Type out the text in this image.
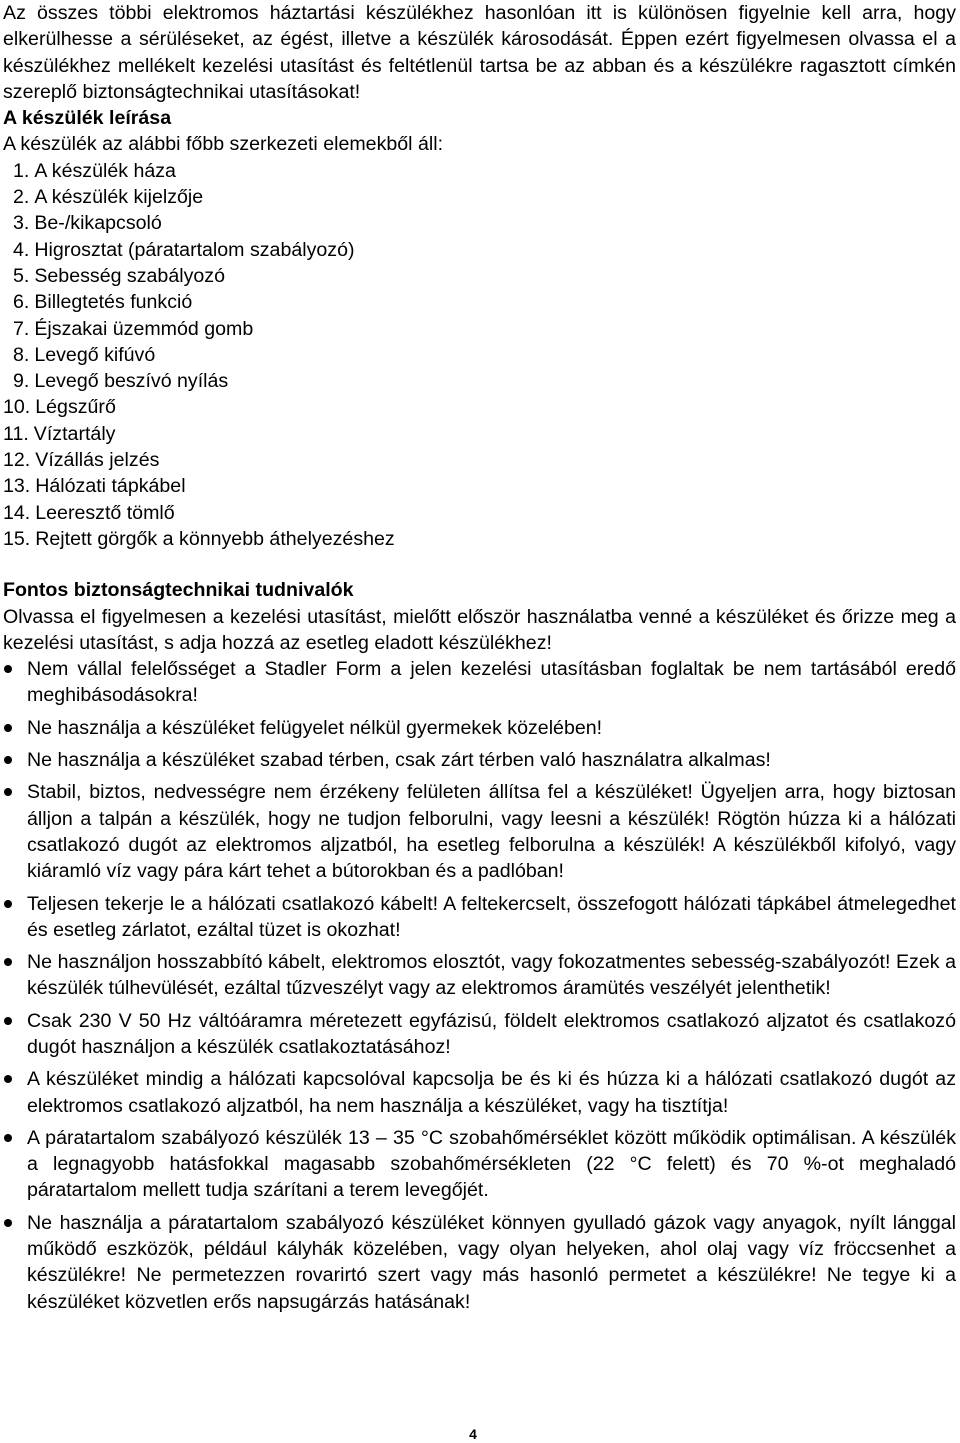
Az összes többi elektromos háztartási készülékhez hasonlóan itt is különösen figyelnie kell arra, hogy elkerülhesse a sérüléseket, az égést, illetve a készülék károsodását. Éppen ezért figyelmesen olvassa el a készülékhez mellékelt kezelési utasítást és feltétlenül tartsa be az abban és a készülékre ragasztott címkén szereplő biztonságtechnikai utasításokat!

A készülék leírása

A készülék az alábbi főbb szerkezeti elemekből áll:

1. A készülék háza
2. A készülék kijelzője
3. Be-/kikapcsoló
4. Higrosztat (páratartalom szabályozó)
5. Sebesség szabályozó
6. Billegtetés funkció
7. Éjszakai üzemmód gomb
8. Levegő kifúvó
9. Levegő beszívó nyílás
10. Légszűrő
11. Víztartály
12. Vízállás jelzés
13. Hálózati tápkábel
14. Leeresztő tömlő
15. Rejtett görgők a könnyebb áthelyezéshez

Fontos biztonságtechnikai tudnivalók

Olvassa el figyelmesen a kezelési utasítást, mielőtt először használatba venné a készüléket és őrizze meg a kezelési utasítást, s adja hozzá az esetleg eladott készülékhez!

Nem vállal felelősséget a Stadler Form a jelen kezelési utasításban foglaltak be nem tartásából eredő meghibásodásokra!
Ne használja a készüléket felügyelet nélkül gyermekek közelében!
Ne használja a készüléket szabad térben, csak zárt térben való használatra alkalmas!
Stabil, biztos, nedvességre nem érzékeny felületen állítsa fel a készüléket! Ügyeljen arra, hogy biztosan álljon a talpán a készülék, hogy ne tudjon felborulni, vagy leesni a készülék! Rögtön húzza ki a hálózati csatlakozó dugót az elektromos aljzatból, ha esetleg felborulna a készülék! A készülékből kifolyó, vagy kiáramló víz vagy pára kárt tehet a bútorokban és a padlóban!
Teljesen tekerje le a hálózati csatlakozó kábelt! A feltekercselt, összefogott hálózati tápkábel átmelegedhet és esetleg zárlatot, ezáltal tüzet is okozhat!
Ne használjon hosszabbító kábelt, elektromos elosztót, vagy fokozatmentes sebesség-szabályozót! Ezek a készülék túlhevülését, ezáltal tűzveszélyt vagy az elektromos áramütés veszélyét jelenthetik!
Csak 230 V 50 Hz váltóáramra méretezett egyfázisú, földelt elektromos csatlakozó aljzatot és csatlakozó dugót használjon a készülék csatlakoztatásához!
A készüléket mindig a hálózati kapcsolóval kapcsolja be és ki és húzza ki a hálózati csatlakozó dugót az elektromos csatlakozó aljzatból, ha nem használja a készüléket, vagy ha tisztítja!
A páratartalom szabályozó készülék 13 – 35 °C szobahőmérséklet között működik optimálisan. A készülék a legnagyobb hatásfokkal magasabb szobahőmérsékleten (22 °C felett) és 70 %-ot meghaladó páratartalom mellett tudja szárítani a terem levegőjét.
Ne használja a páratartalom szabályozó készüléket könnyen gyulladó gázok vagy anyagok, nyílt lánggal működő eszközök, például kályhák közelében, vagy olyan helyeken, ahol olaj vagy víz fröccsenhet a készülékre! Ne permetezzen rovarirtó szert vagy más hasonló permetet a készülékre! Ne tegye ki a készüléket közvetlen erős napsugárzás hatásának!
4
